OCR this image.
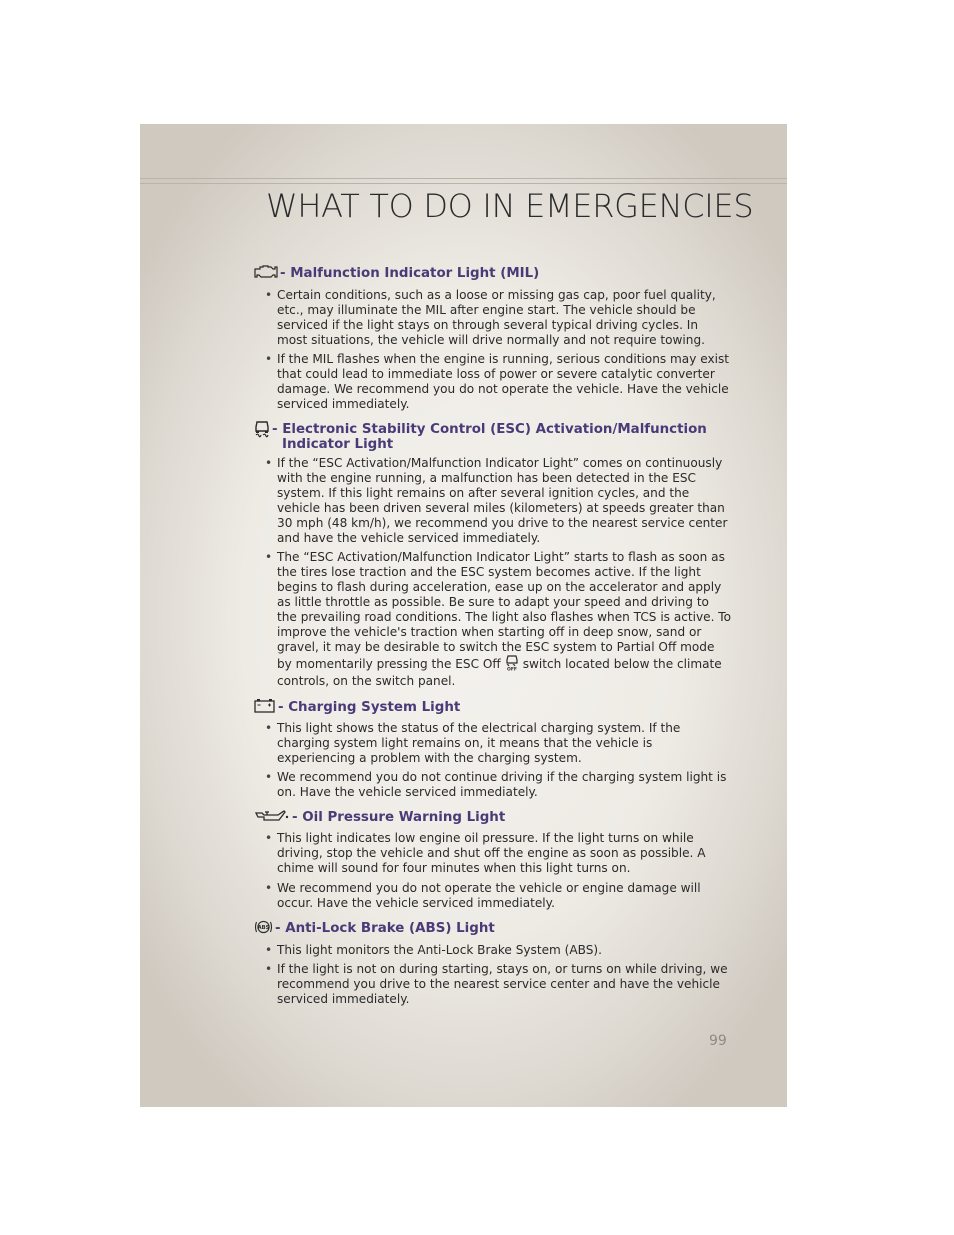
WHAT TO DO IN EMERGENCIES
- Malfunction Indicator Light (MIL)
• Certain conditions, such as a loose or missing gas cap, poor fuel quality, etc., may illuminate the MIL after engine start. The vehicle should be serviced if the light stays on through several typical driving cycles. In most situations, the vehicle will drive normally and not require towing.
• If the MIL flashes when the engine is running, serious conditions may exist that could lead to immediate loss of power or severe catalytic converter damage. We recommend you do not operate the vehicle. Have the vehicle serviced immediately.
- Electronic Stability Control (ESC) Activation/Malfunction
Indicator Light
• If the “ESC Activation/Malfunction Indicator Light” comes on continuously with the engine running, a malfunction has been detected in the ESC system. If this light remains on after several ignition cycles, and the vehicle has been driven several miles (kilometers) at speeds greater than 30 mph (48 km/h), we recommend you drive to the nearest service center and have the vehicle serviced immediately.
• The “ESC Activation/Malfunction Indicator Light” starts to flash as soon as the tires lose traction and the ESC system becomes active. If the light begins to flash during acceleration, ease up on the accelerator and apply as little throttle as possible. Be sure to adapt your speed and driving to the prevailing road conditions. The light also flashes when TCS is active. To improve the vehicle's traction when starting off in deep snow, sand or gravel, it may be desirable to switch the ESC system to Partial Off mode by momentarily pressing the ESC Off OFF switch located below the climate controls, on the switch panel.
- Charging System Light
• This light shows the status of the electrical charging system. If the charging system light remains on, it means that the vehicle is experiencing a problem with the charging system.
• We recommend you do not continue driving if the charging system light is on. Have the vehicle serviced immediately.
- Oil Pressure Warning Light
• This light indicates low engine oil pressure. If the light turns on while driving, stop the vehicle and shut off the engine as soon as possible. A chime will sound for four minutes when this light turns on.
• We recommend you do not operate the vehicle or engine damage will occur. Have the vehicle serviced immediately.
ABS - Anti-Lock Brake (ABS) Light
• This light monitors the Anti-Lock Brake System (ABS).
• If the light is not on during starting, stays on, or turns on while driving, we recommend you drive to the nearest service center and have the vehicle serviced immediately.
99
